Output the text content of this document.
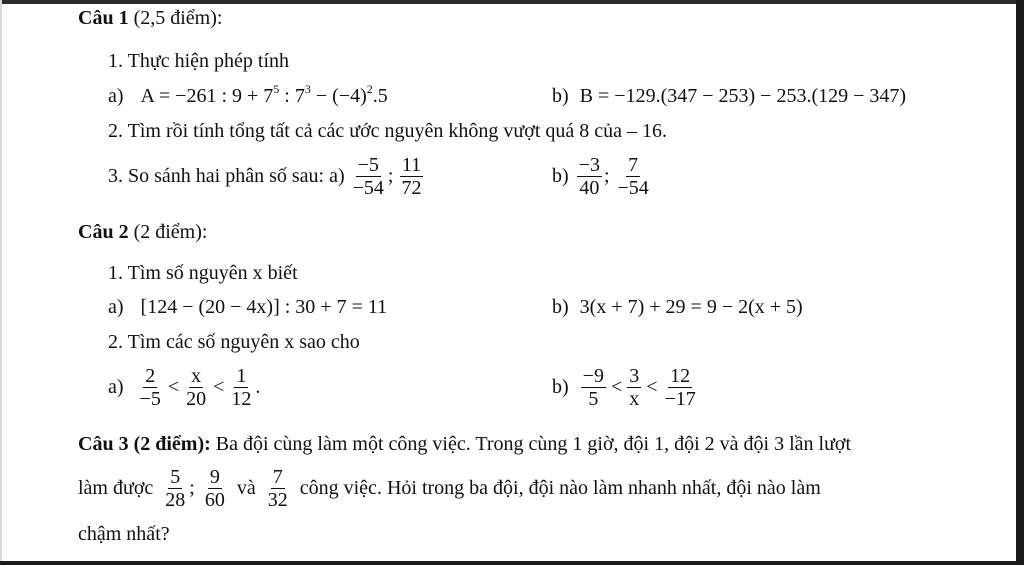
Câu 1 (2,5 điểm):
1. Thực hiện phép tính
a) A = −261 : $9 + 7^5$ : $7^3 - (-4)^2.5$	b) B = −129.(347 − 253) − 253.(129 − 347)
2. Tìm rồi tính tổng tất cả các ước nguyên không vượt quá 8 của – 16.
3. So sánh hai phân số sau: $a) \frac{-5}{-54}$ ; $\frac{11}{72}$	$b) \frac{-3}{40}$ ; $\frac{7}{-54}$
Câu 2 (2 điểm):
1. Tìm số nguyên x biết
a) [124 − (20 − 4x)] : 30 + 7 = 11	b) 3(x + 7) + 29 = 9 − 2(x + 5)
2. Tìm các số nguyên x sao cho
$a) \frac{2}{-5} < \frac{x}{20} < \frac{1}{12}$ .	$b) \frac{-9}{5} < \frac{3}{x} < \frac{12}{-17}$
Câu 3 (2 điểm): Ba đội cùng làm một công việc. Trong cùng 1 giờ, đội 1, đội 2 và đội 3 lần lượt
làm được $\frac{5}{28}$ ; $\frac{9}{60}$ và $\frac{7}{32}$ công việc. Hỏi trong ba đội, đội nào làm nhanh nhất, đội nào làm
chậm nhất?
